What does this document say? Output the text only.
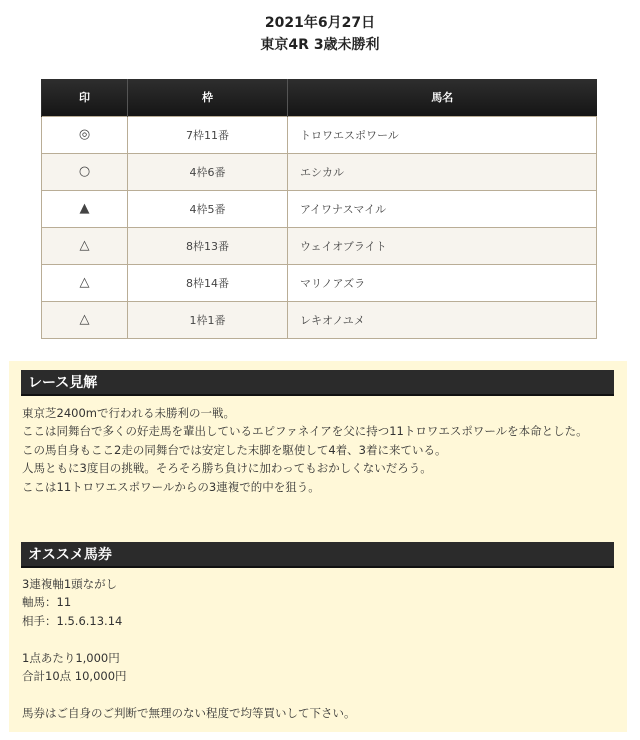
2021年6月27日
東京4R 3歳未勝利
印	枠	馬名
◎	7枠11番	トロワエスポワール
○	4枠6番	エシカル
▲	4枠5番	アイワナスマイル
△	8枠13番	ウェイオブライト
△	8枠14番	マリノアズラ
△	1枠1番	レキオノユメ
レース見解

東京芝2400mで行われる未勝利の一戦。

ここは同舞台で多くの好走馬を輩出しているエピファネイアを父に持つ11トロワエスポワールを本命とした。

この馬自身もここ2走の同舞台では安定した末脚を駆使して4着、3着に来ている。

人馬ともに3度目の挑戦。そろそろ勝ち負けに加わってもおかしくないだろう。

ここは11トロワエスポワールからの3連複で的中を狙う。

オススメ馬券

3連複軸1頭ながし

軸馬：11

相手：1.5.6.13.14

1点あたり1,000円

合計10点 10,000円

馬券はご自身のご判断で無理のない程度で均等買いして下さい。
